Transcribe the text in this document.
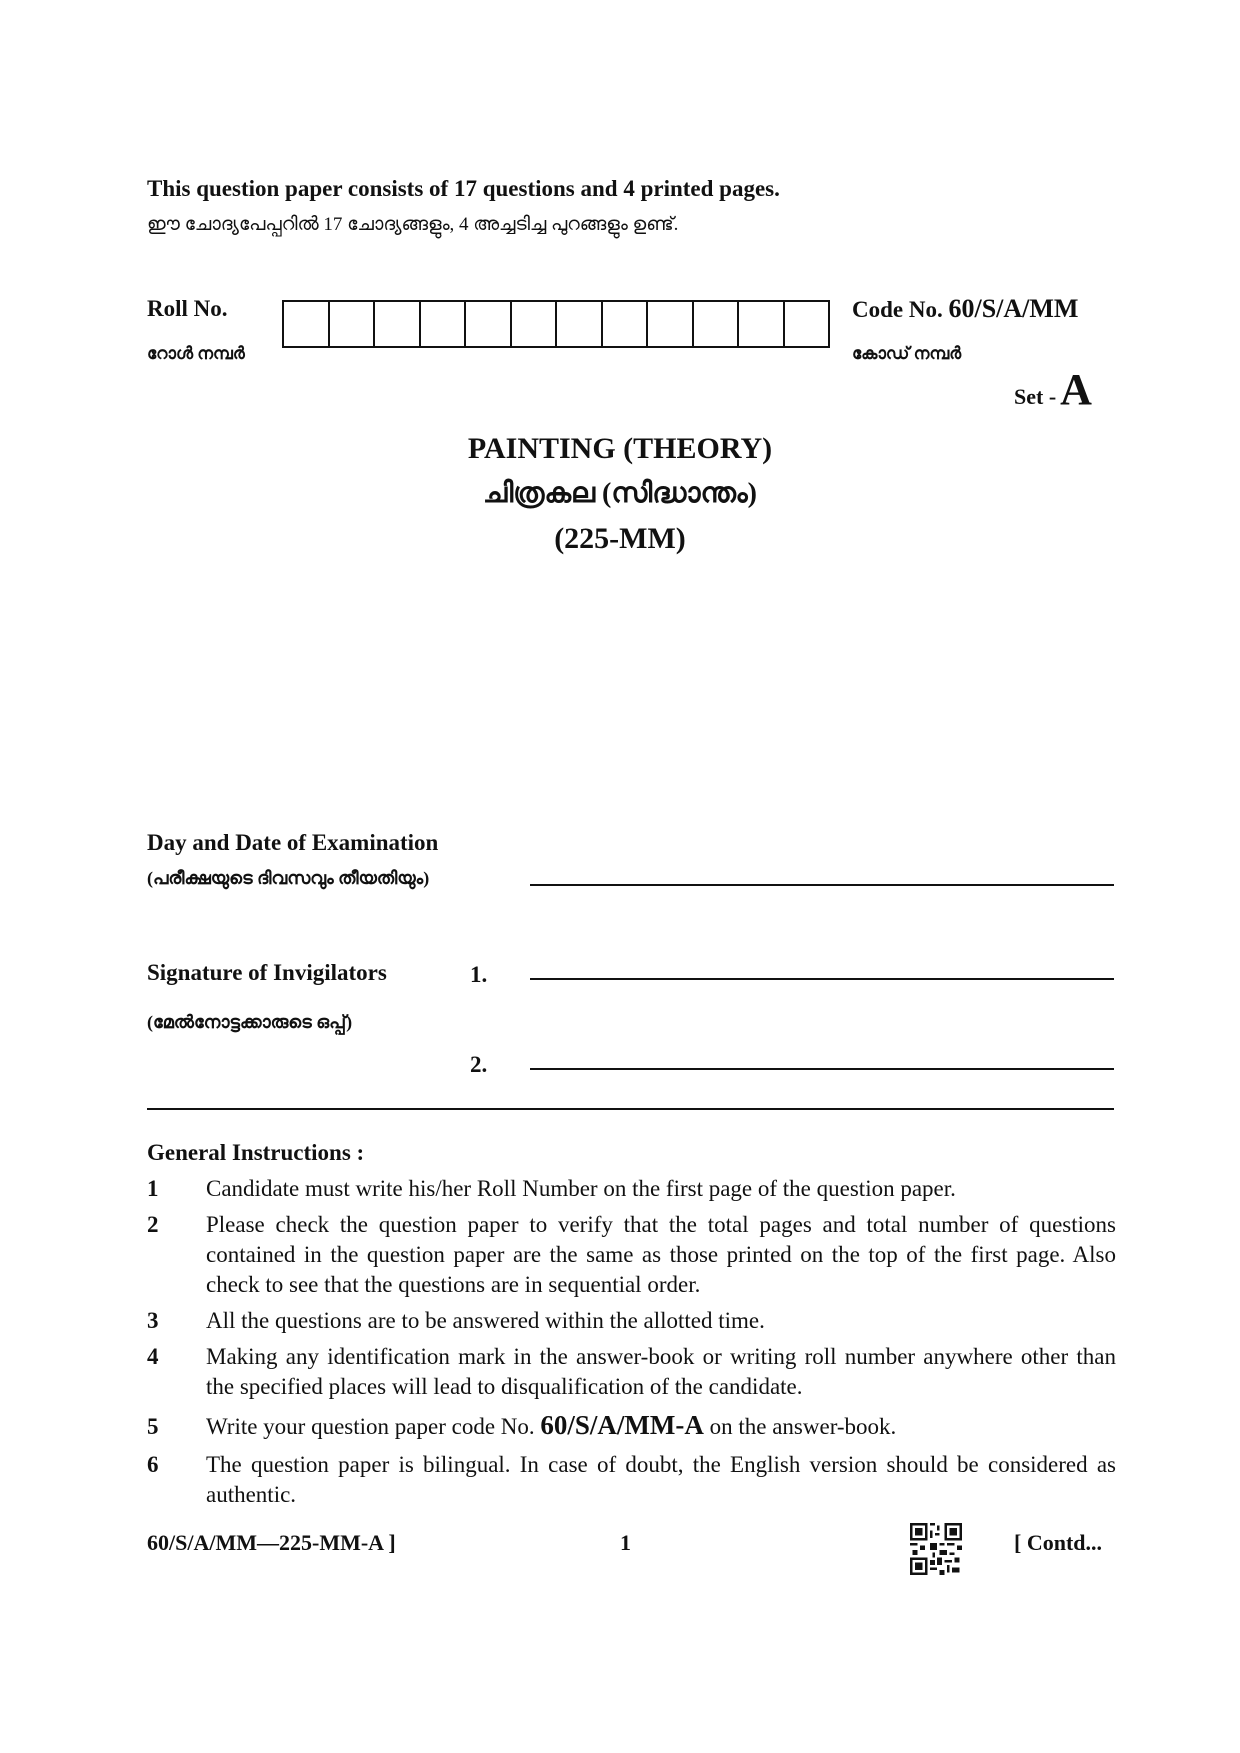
This question paper consists of 17 questions and 4 printed pages.
ഈ ചോദ്യപേപ്പറിൽ 17 ചോദ്യങ്ങളും, 4 അച്ചടിച്ച പുറങ്ങളും ഉണ്ട്.
Roll No.
റോൾ നമ്പർ
Code No. 60/S/A/MM
കോഡ് നമ്പർ
Set - A
PAINTING (THEORY)
ചിത്രകല (സിദ്ധാന്തം)
(225-MM)
Day and Date of Examination
(പരീക്ഷയുടെ ദിവസവും തീയതിയും)
Signature of Invigilators	1.
(മേൽനോട്ടക്കാരുടെ ഒപ്പ്)
2.
General Instructions :
1 Candidate must write his/her Roll Number on the first page of the question paper.
2 Please check the question paper to verify that the total pages and total number of questions contained in the question paper are the same as those printed on the top of the first page. Also check to see that the questions are in sequential order.
3 All the questions are to be answered within the allotted time.
4 Making any identification mark in the answer-book or writing roll number anywhere other than the specified places will lead to disqualification of the candidate.
5 Write your question paper code No. 60/S/A/MM-A on the answer-book.
6 The question paper is bilingual. In case of doubt, the English version should be considered as authentic.
60/S/A/MM—225-MM-A ]	1	[ Contd...
